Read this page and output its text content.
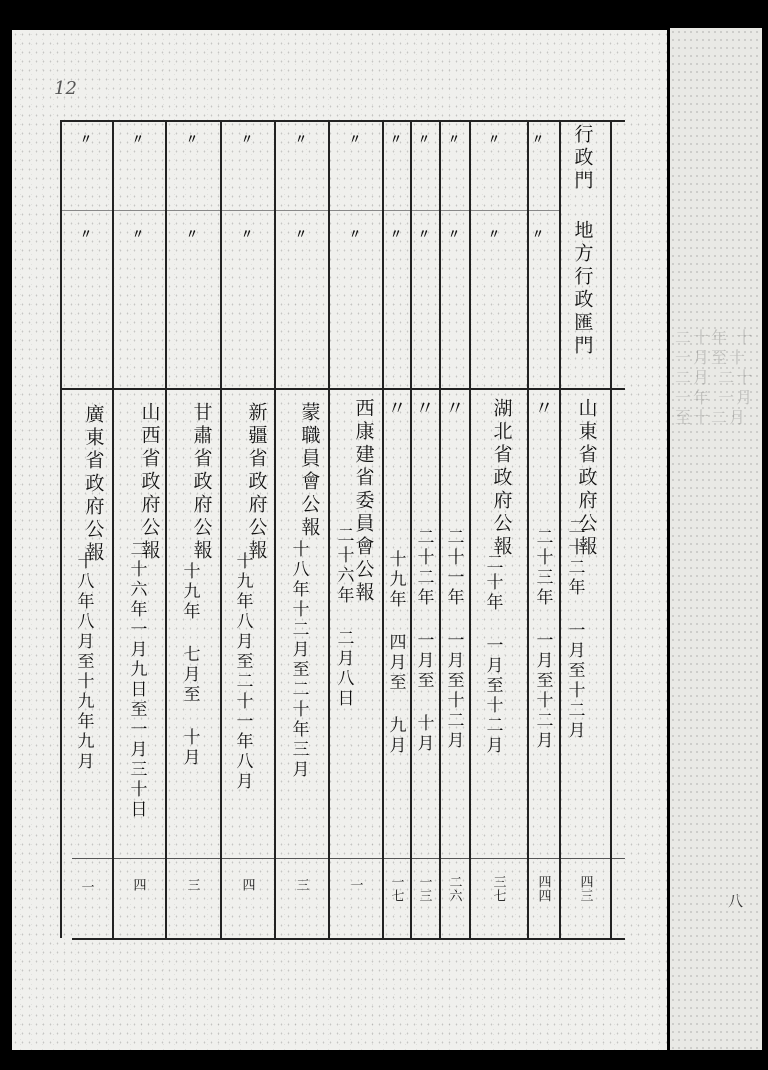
12
行政門
地方行政匯門
〃
〃
〃
〃
〃
〃
〃
〃
〃
〃
〃
〃
〃
〃
〃
〃
〃
〃
〃
〃
〃
〃
山東省政府公報
二十二年 一月至十二月
四三
〃
二十三年 一月至十二月
四四
湖北省政府公報
二十年 一月至十二月
三七
〃
二十一年 一月至十二月
二六
〃
二十二年 一月至 十月
一三
〃
十九年 四月至 九月
一七
西康建省委員會公報
二十六年 二月八日
一
蒙職員會公報
十八年十二月至二十年三月
三
新疆省政府公報
十九年八月至二十一年八月
四
甘肅省政府公報
十九年 七月至 十月
三
山西省政府公報
二十六年一月九日至一月三十日
四
廣東省政府公報
十八年八月至十九年九月
一
二十年 十一月至十二月 二十一年 一月至十二月
八
